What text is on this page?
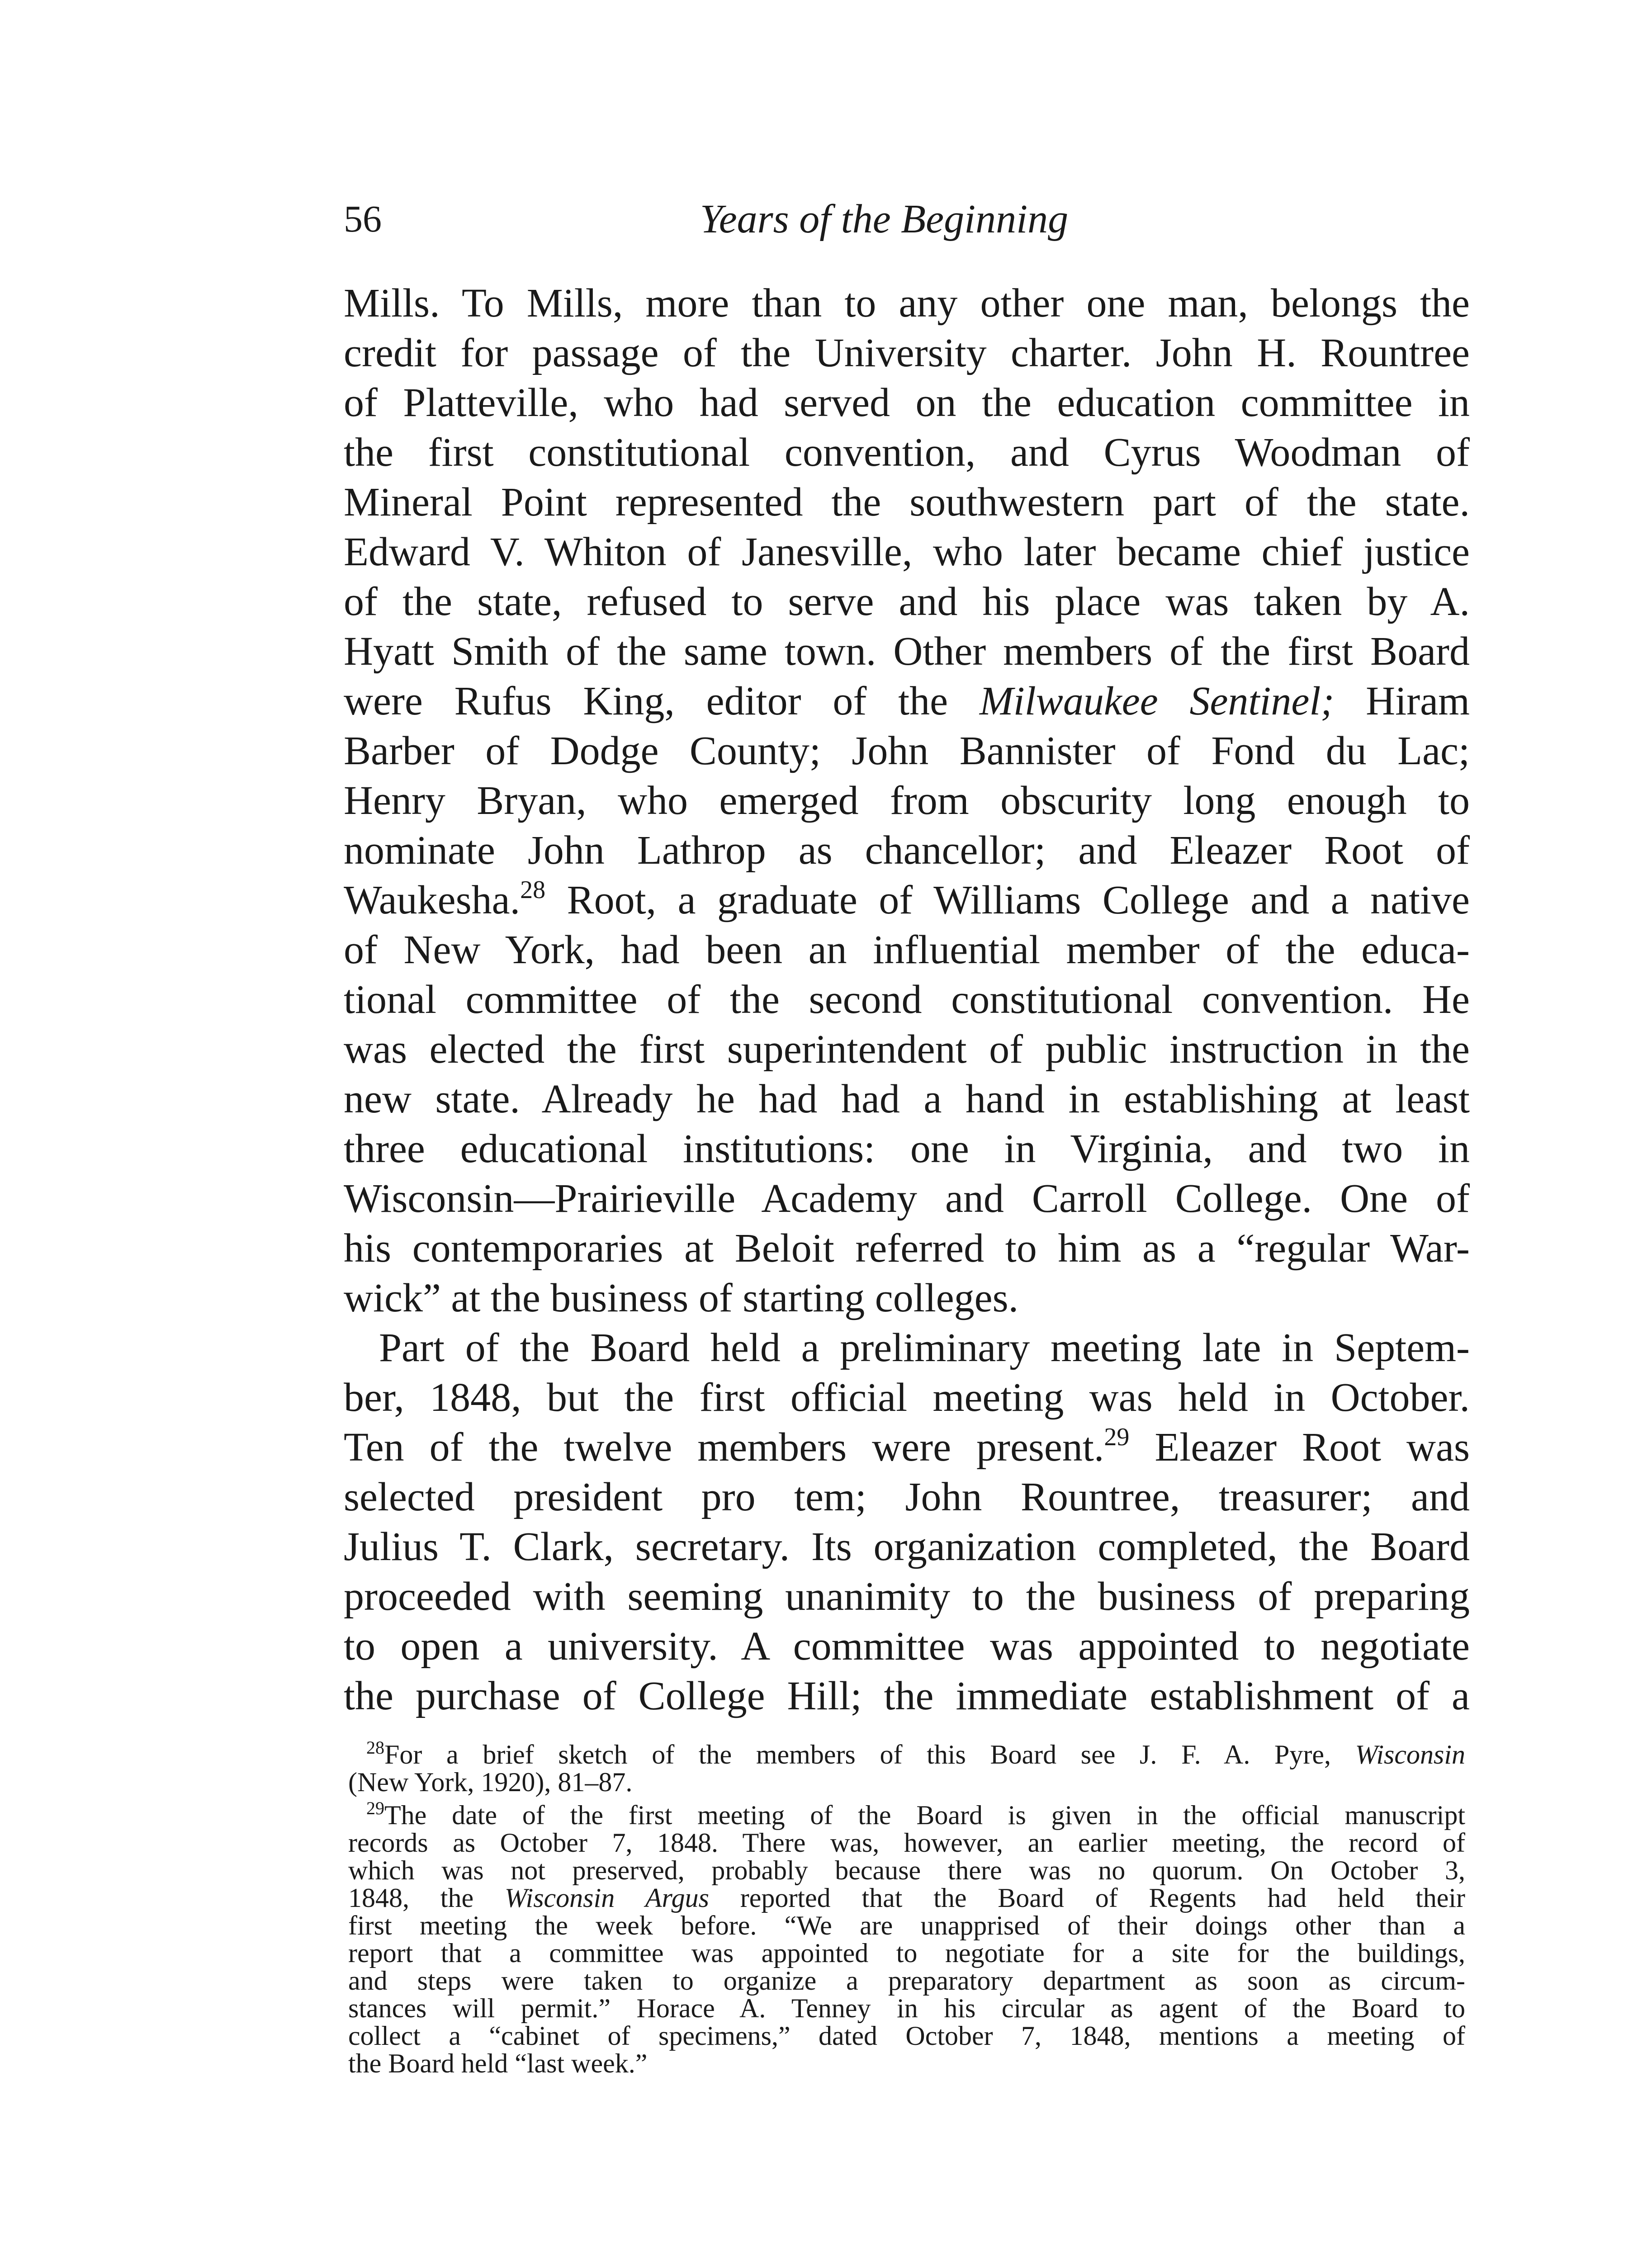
56	Years of the Beginning
Mills. To Mills, more than to any other one man, belongs the
credit for passage of the University charter. John H. Rountree
of Platteville, who had served on the education committee in
the first constitutional convention, and Cyrus Woodman of
Mineral Point represented the southwestern part of the state.
Edward V. Whiton of Janesville, who later became chief justice
of the state, refused to serve and his place was taken by A.
Hyatt Smith of the same town. Other members of the first Board
were Rufus King, editor of the Milwaukee Sentinel; Hiram
Barber of Dodge County; John Bannister of Fond du Lac;
Henry Bryan, who emerged from obscurity long enough to
nominate John Lathrop as chancellor; and Eleazer Root of
Waukesha.$^{28}$ Root, a graduate of Williams College and a native
of New York, had been an influential member of the educa-
tional committee of the second constitutional convention. He
was elected the first superintendent of public instruction in the
new state. Already he had had a hand in establishing at least
three educational institutions: one in Virginia, and two in
Wisconsin—Prairieville Academy and Carroll College. One of
his contemporaries at Beloit referred to him as a “regular War-
wick” at the business of starting colleges.
Part of the Board held a preliminary meeting late in Septem-
ber, 1848, but the first official meeting was held in October.
Ten of the twelve members were present.$^{29}$ Eleazer Root was
selected president pro tem; John Rountree, treasurer; and
Julius T. Clark, secretary. Its organization completed, the Board
proceeded with seeming unanimity to the business of preparing
to open a university. A committee was appointed to negotiate
the purchase of College Hill; the immediate establishment of a
$^{28}$For a brief sketch of the members of this Board see J. F. A. Pyre, Wisconsin
(New York, 1920), 81–87.
$^{29}$The date of the first meeting of the Board is given in the official manuscript
records as October 7, 1848. There was, however, an earlier meeting, the record of
which was not preserved, probably because there was no quorum. On October 3,
1848, the Wisconsin Argus reported that the Board of Regents had held their
first meeting the week before. “We are unapprised of their doings other than a
report that a committee was appointed to negotiate for a site for the buildings,
and steps were taken to organize a preparatory department as soon as circum-
stances will permit.” Horace A. Tenney in his circular as agent of the Board to
collect a “cabinet of specimens,” dated October 7, 1848, mentions a meeting of
the Board held “last week.”
